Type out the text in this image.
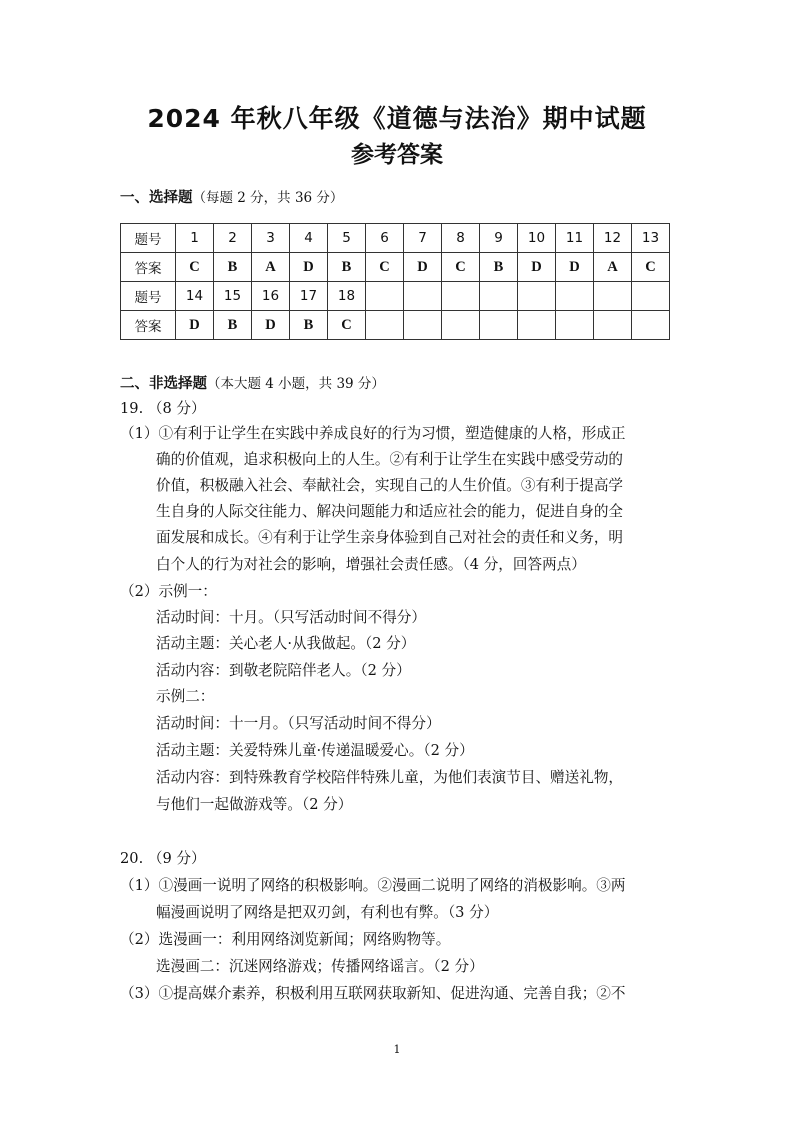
2024 年秋八年级《道德与法治》期中试题
参考答案
一、选择题（每题 2 分，共 36 分）
题号	1	2	3	4	5	6	7	8	9	10	11	12	13
答案	C	B	A	D	B	C	D	C	B	D	D	A	C
题号	14	15	16	17	18								
答案	D	B	D	B	C								
二、非选择题（本大题 4 小题，共 39 分）
19. （8 分）
（1）①有利于让学生在实践中养成良好的行为习惯，塑造健康的人格，形成正
确的价值观，追求积极向上的人生。②有利于让学生在实践中感受劳动的
价值，积极融入社会、奉献社会，实现自己的人生价值。③有利于提高学
生自身的人际交往能力、解决问题能力和适应社会的能力，促进自身的全
面发展和成长。④有利于让学生亲身体验到自己对社会的责任和义务，明
白个人的行为对社会的影响，增强社会责任感。（4 分，回答两点）
（2）示例一：
活动时间：十月。（只写活动时间不得分）
活动主题：关心老人·从我做起。（2 分）
活动内容：到敬老院陪伴老人。（2 分）
示例二：
活动时间：十一月。（只写活动时间不得分）
活动主题：关爱特殊儿童·传递温暖爱心。（2 分）
活动内容：到特殊教育学校陪伴特殊儿童，为他们表演节目、赠送礼物，
与他们一起做游戏等。（2 分）
20. （9 分）
（1）①漫画一说明了网络的积极影响。②漫画二说明了网络的消极影响。③两
幅漫画说明了网络是把双刃剑，有利也有弊。（3 分）
（2）选漫画一：利用网络浏览新闻；网络购物等。
选漫画二：沉迷网络游戏；传播网络谣言。（2 分）
（3）①提高媒介素养，积极利用互联网获取新知、促进沟通、完善自我；②不
1
